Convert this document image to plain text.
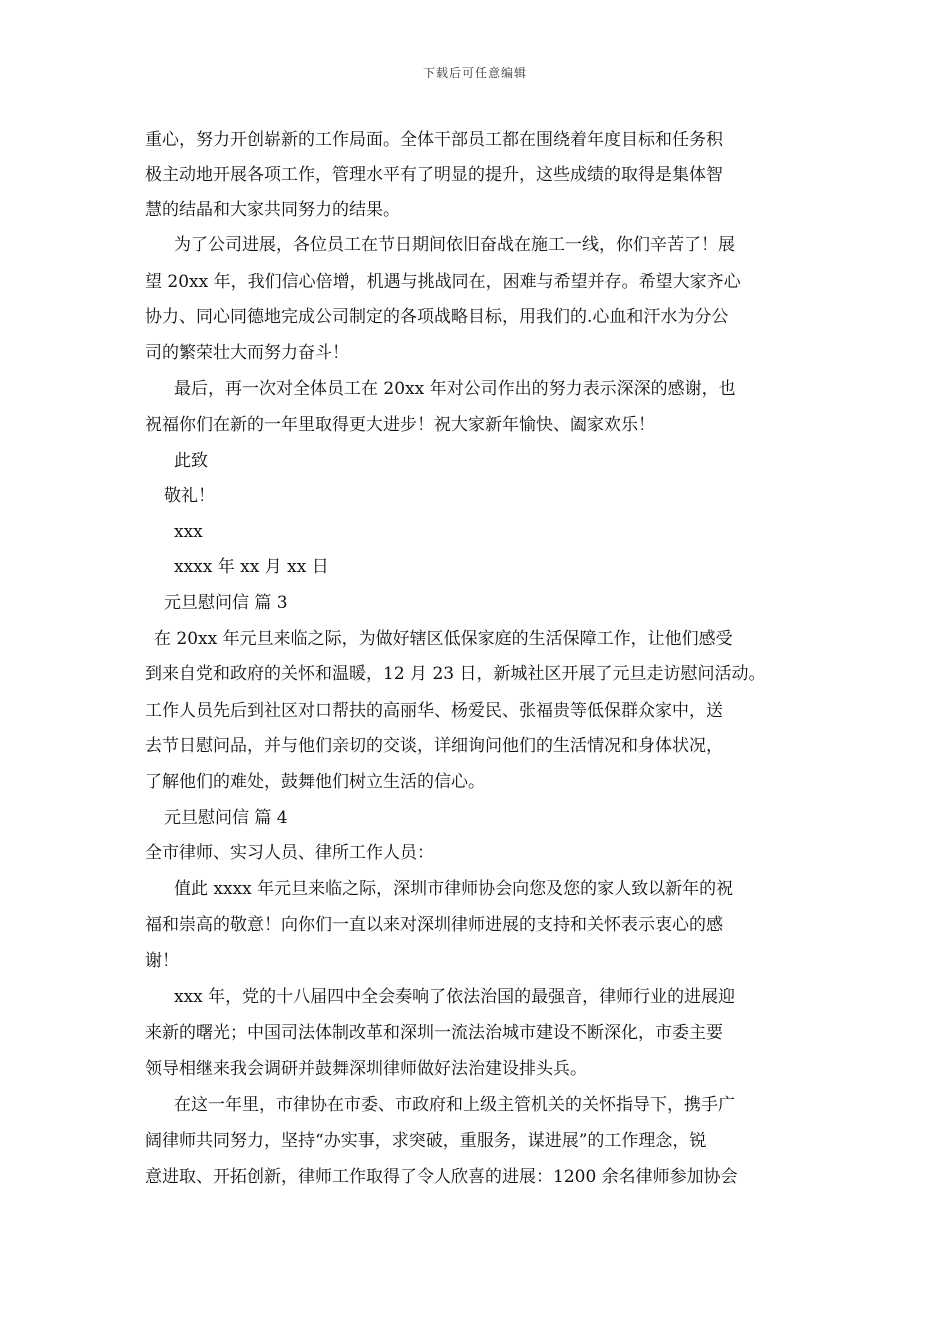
下载后可任意编辑
重心，努力开创崭新的工作局面。全体干部员工都在围绕着年度目标和任务积
极主动地开展各项工作，管理水平有了明显的提升，这些成绩的取得是集体智
慧的结晶和大家共同努力的结果。
为了公司进展，各位员工在节日期间依旧奋战在施工一线，你们辛苦了！展
望 20xx 年，我们信心倍增，机遇与挑战同在，困难与希望并存。希望大家齐心
协力、同心同德地完成公司制定的各项战略目标，用我们的.心血和汗水为分公
司的繁荣壮大而努力奋斗！
最后，再一次对全体员工在 20xx 年对公司作出的努力表示深深的感谢，也
祝福你们在新的一年里取得更大进步！祝大家新年愉快、阖家欢乐！
此致
敬礼！
xxx
xxxx 年 xx 月 xx 日
元旦慰问信 篇 3
在 20xx 年元旦来临之际，为做好辖区低保家庭的生活保障工作，让他们感受
到来自党和政府的关怀和温暖，12 月 23 日，新城社区开展了元旦走访慰问活动。
工作人员先后到社区对口帮扶的高丽华、杨爱民、张福贵等低保群众家中，送
去节日慰问品，并与他们亲切的交谈，详细询问他们的生活情况和身体状况，
了解他们的难处，鼓舞他们树立生活的信心。
元旦慰问信 篇 4
全市律师、实习人员、律所工作人员：
值此 xxxx 年元旦来临之际，深圳市律师协会向您及您的家人致以新年的祝
福和崇高的敬意！向你们一直以来对深圳律师进展的支持和关怀表示衷心的感
谢！
xxx 年，党的十八届四中全会奏响了依法治国的最强音，律师行业的进展迎
来新的曙光；中国司法体制改革和深圳一流法治城市建设不断深化，市委主要
领导相继来我会调研并鼓舞深圳律师做好法治建设排头兵。
在这一年里，市律协在市委、市政府和上级主管机关的关怀指导下，携手广
阔律师共同努力，坚持“办实事，求突破，重服务，谋进展”的工作理念，锐
意进取、开拓创新，律师工作取得了令人欣喜的进展：1200 余名律师参加协会
